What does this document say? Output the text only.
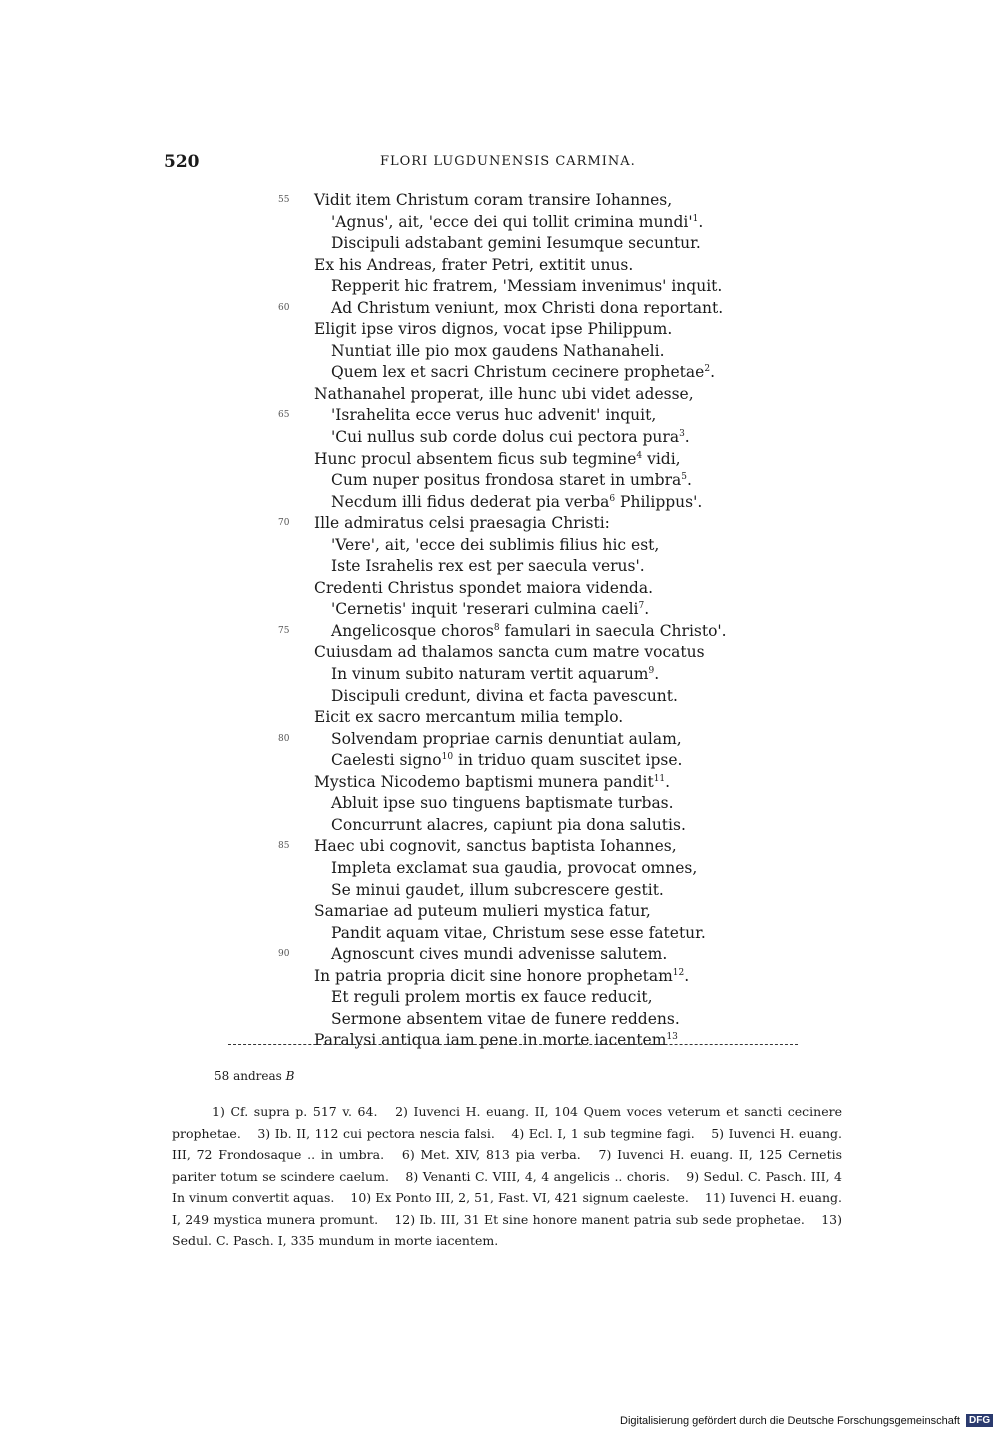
520	FLORI LUGDUNENSIS CARMINA.
55 Vidit item Christum coram transire Iohannes,
'Agnus', ait, 'ecce dei qui tollit crimina $mundi'^1$.
Discipuli adstabant gemini Iesumque secuntur.
Ex his Andreas, frater Petri, extitit unus.
Repperit hic fratrem, 'Messiam invenimus' inquit.
60	Ad Christum veniunt, mox Christi dona reportant.
Eligit ipse viros dignos, vocat ipse Philippum.
Nuntiat ille pio mox gaudens Nathanaheli.
Quem lex et sacri Christum cecinere prophetae$^2$.
Nathanahel properat, ille hunc ubi videt adesse,
65	'Israhelita ecce verus huc advenit' inquit,
'Cui nullus sub corde dolus cui pectora pura$^3$.
Hunc procul absentem ficus sub tegmine$^4$ vidi,
Cum nuper positus frondosa staret in umbra$^5$.
Necdum illi fidus dederat pia verba$^6$ Philippus'.
70 Ille admiratus celsi praesagia Christi:
'Vere', ait, 'ecce dei sublimis filius hic est,
Iste Israhelis rex est per saecula verus'.
Credenti Christus spondet maiora videnda.
'Cernetis' inquit 'reserari culmina caeli$^7$.
75	Angelicosque choros$^8$ famulari in saecula Christo'.
Cuiusdam ad thalamos sancta cum matre vocatus
In vinum subito naturam vertit aquarum$^9$.
Discipuli credunt, divina et facta pavescunt.
Eicit ex sacro mercantum milia templo.
80	Solvendam propriae carnis denuntiat aulam,
Caelesti signo$^{10}$ in triduo quam suscitet ipse.
Mystica Nicodemo baptismi munera pandit$^{11}$.
Abluit ipse suo tinguens baptismate turbas.
Concurrunt alacres, capiunt pia dona salutis.
85 Haec ubi cognovit, sanctus baptista Iohannes,
Impleta exclamat sua gaudia, provocat omnes,
Se minui gaudet, illum subcrescere gestit.
Samariae ad puteum mulieri mystica fatur,
Pandit aquam vitae, Christum sese esse fatetur.
90	Agnoscunt cives mundi advenisse salutem.
In patria propria dicit sine honore prophetam$^{12}$.
Et reguli prolem mortis ex fauce reducit,
Sermone absentem vitae de funere reddens.
Paralysi antiqua iam pene in morte iacentem$^{13}$
58 andreas B
1) Cf. supra p. 517 v. 64. 2) Iuvenci H. euang. II, 104 Quem voces veterum et sancti cecinere prophetae. 3) Ib. II, 112 cui pectora nescia falsi. 4) Ecl. I, 1 sub tegmine fagi. 5) Iuvenci H. euang. III, 72 Frondosaque .. in umbra. 6) Met. XIV, 813 pia verba. 7) Iuvenci H. euang. II, 125 Cernetis pariter totum se scindere caelum. 8) Venanti C. VIII, 4, 4 angelicis .. choris. 9) Sedul. C. Pasch. III, 4 In vinum convertit aquas. 10) Ex Ponto III, 2, 51, Fast. VI, 421 signum caeleste. 11) Iuvenci H. euang. I, 249 mystica munera promunt. 12) Ib. III, 31 Et sine honore manent patria sub sede prophetae. 13) Sedul. C. Pasch. I, 335 mundum in morte iacentem.
Digitalisierung gefördert durch die Deutsche Forschungsgemeinschaft DFG
